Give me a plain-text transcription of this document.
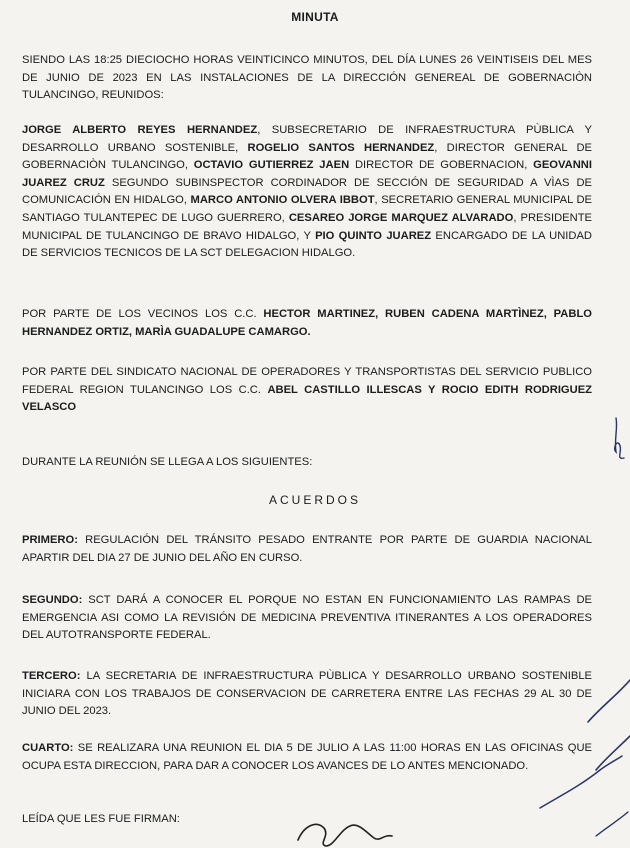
MINUTA
SIENDO LAS 18:25 DIECIOCHO HORAS VEINTICINCO MINUTOS, DEL DÍA LUNES 26 VEINTISEIS DEL MES DE JUNIO DE 2023 EN LAS INSTALACIONES DE LA DIRECCIÓN GENEREAL DE GOBERNACIÒN TULANCINGO, REUNIDOS:
JORGE ALBERTO REYES HERNANDEZ, SUBSECRETARIO DE INFRAESTRUCTURA PÙBLICA Y DESARROLLO URBANO SOSTENIBLE, ROGELIO SANTOS HERNANDEZ, DIRECTOR GENERAL DE GOBERNACIÒN TULANCINGO, OCTAVIO GUTIERREZ JAEN DIRECTOR DE GOBERNACION, GEOVANNI JUAREZ CRUZ SEGUNDO SUBINSPECTOR CORDINADOR DE SECCIÓN DE SEGURIDAD A VÌAS DE COMUNICACIÓN EN HIDALGO, MARCO ANTONIO OLVERA IBBOT, SECRETARIO GENERAL MUNICIPAL DE SANTIAGO TULANTEPEC DE LUGO GUERRERO, CESAREO JORGE MARQUEZ ALVARADO, PRESIDENTE MUNICIPAL DE TULANCINGO DE BRAVO HIDALGO, Y PIO QUINTO JUAREZ ENCARGADO DE LA UNIDAD DE SERVICIOS TECNICOS DE LA SCT DELEGACION HIDALGO.
POR PARTE DE LOS VECINOS LOS C.C. HECTOR MARTINEZ, RUBEN CADENA MARTÌNEZ, PABLO HERNANDEZ ORTIZ, MARÌA GUADALUPE CAMARGO.
POR PARTE DEL SINDICATO NACIONAL DE OPERADORES Y TRANSPORTISTAS DEL SERVICIO PUBLICO FEDERAL REGION TULANCINGO LOS C.C. ABEL CASTILLO ILLESCAS Y ROCIO EDITH RODRIGUEZ VELASCO
DURANTE LA REUNIÓN SE LLEGA A LOS SIGUIENTES:
ACUERDOS
PRIMERO: REGULACIÓN DEL TRÁNSITO PESADO ENTRANTE POR PARTE DE GUARDIA NACIONAL APARTIR DEL DIA 27 DE JUNIO DEL AÑO EN CURSO.
SEGUNDO: SCT DARÁ A CONOCER EL PORQUE NO ESTAN EN FUNCIONAMIENTO LAS RAMPAS DE EMERGENCIA ASI COMO LA REVISIÓN DE MEDICINA PREVENTIVA ITINERANTES A LOS OPERADORES DEL AUTOTRANSPORTE FEDERAL.
TERCERO: LA SECRETARIA DE INFRAESTRUCTURA PÙBLICA Y DESARROLLO URBANO SOSTENIBLE INICIARA CON LOS TRABAJOS DE CONSERVACION DE CARRETERA ENTRE LAS FECHAS 29 AL 30 DE JUNIO DEL 2023.
CUARTO: SE REALIZARA UNA REUNION EL DIA 5 DE JULIO A LAS 11:00 HORAS EN LAS OFICINAS QUE OCUPA ESTA DIRECCION, PARA DAR A CONOCER LOS AVANCES DE LO ANTES MENCIONADO.
LEÍDA QUE LES FUE FIRMAN:
